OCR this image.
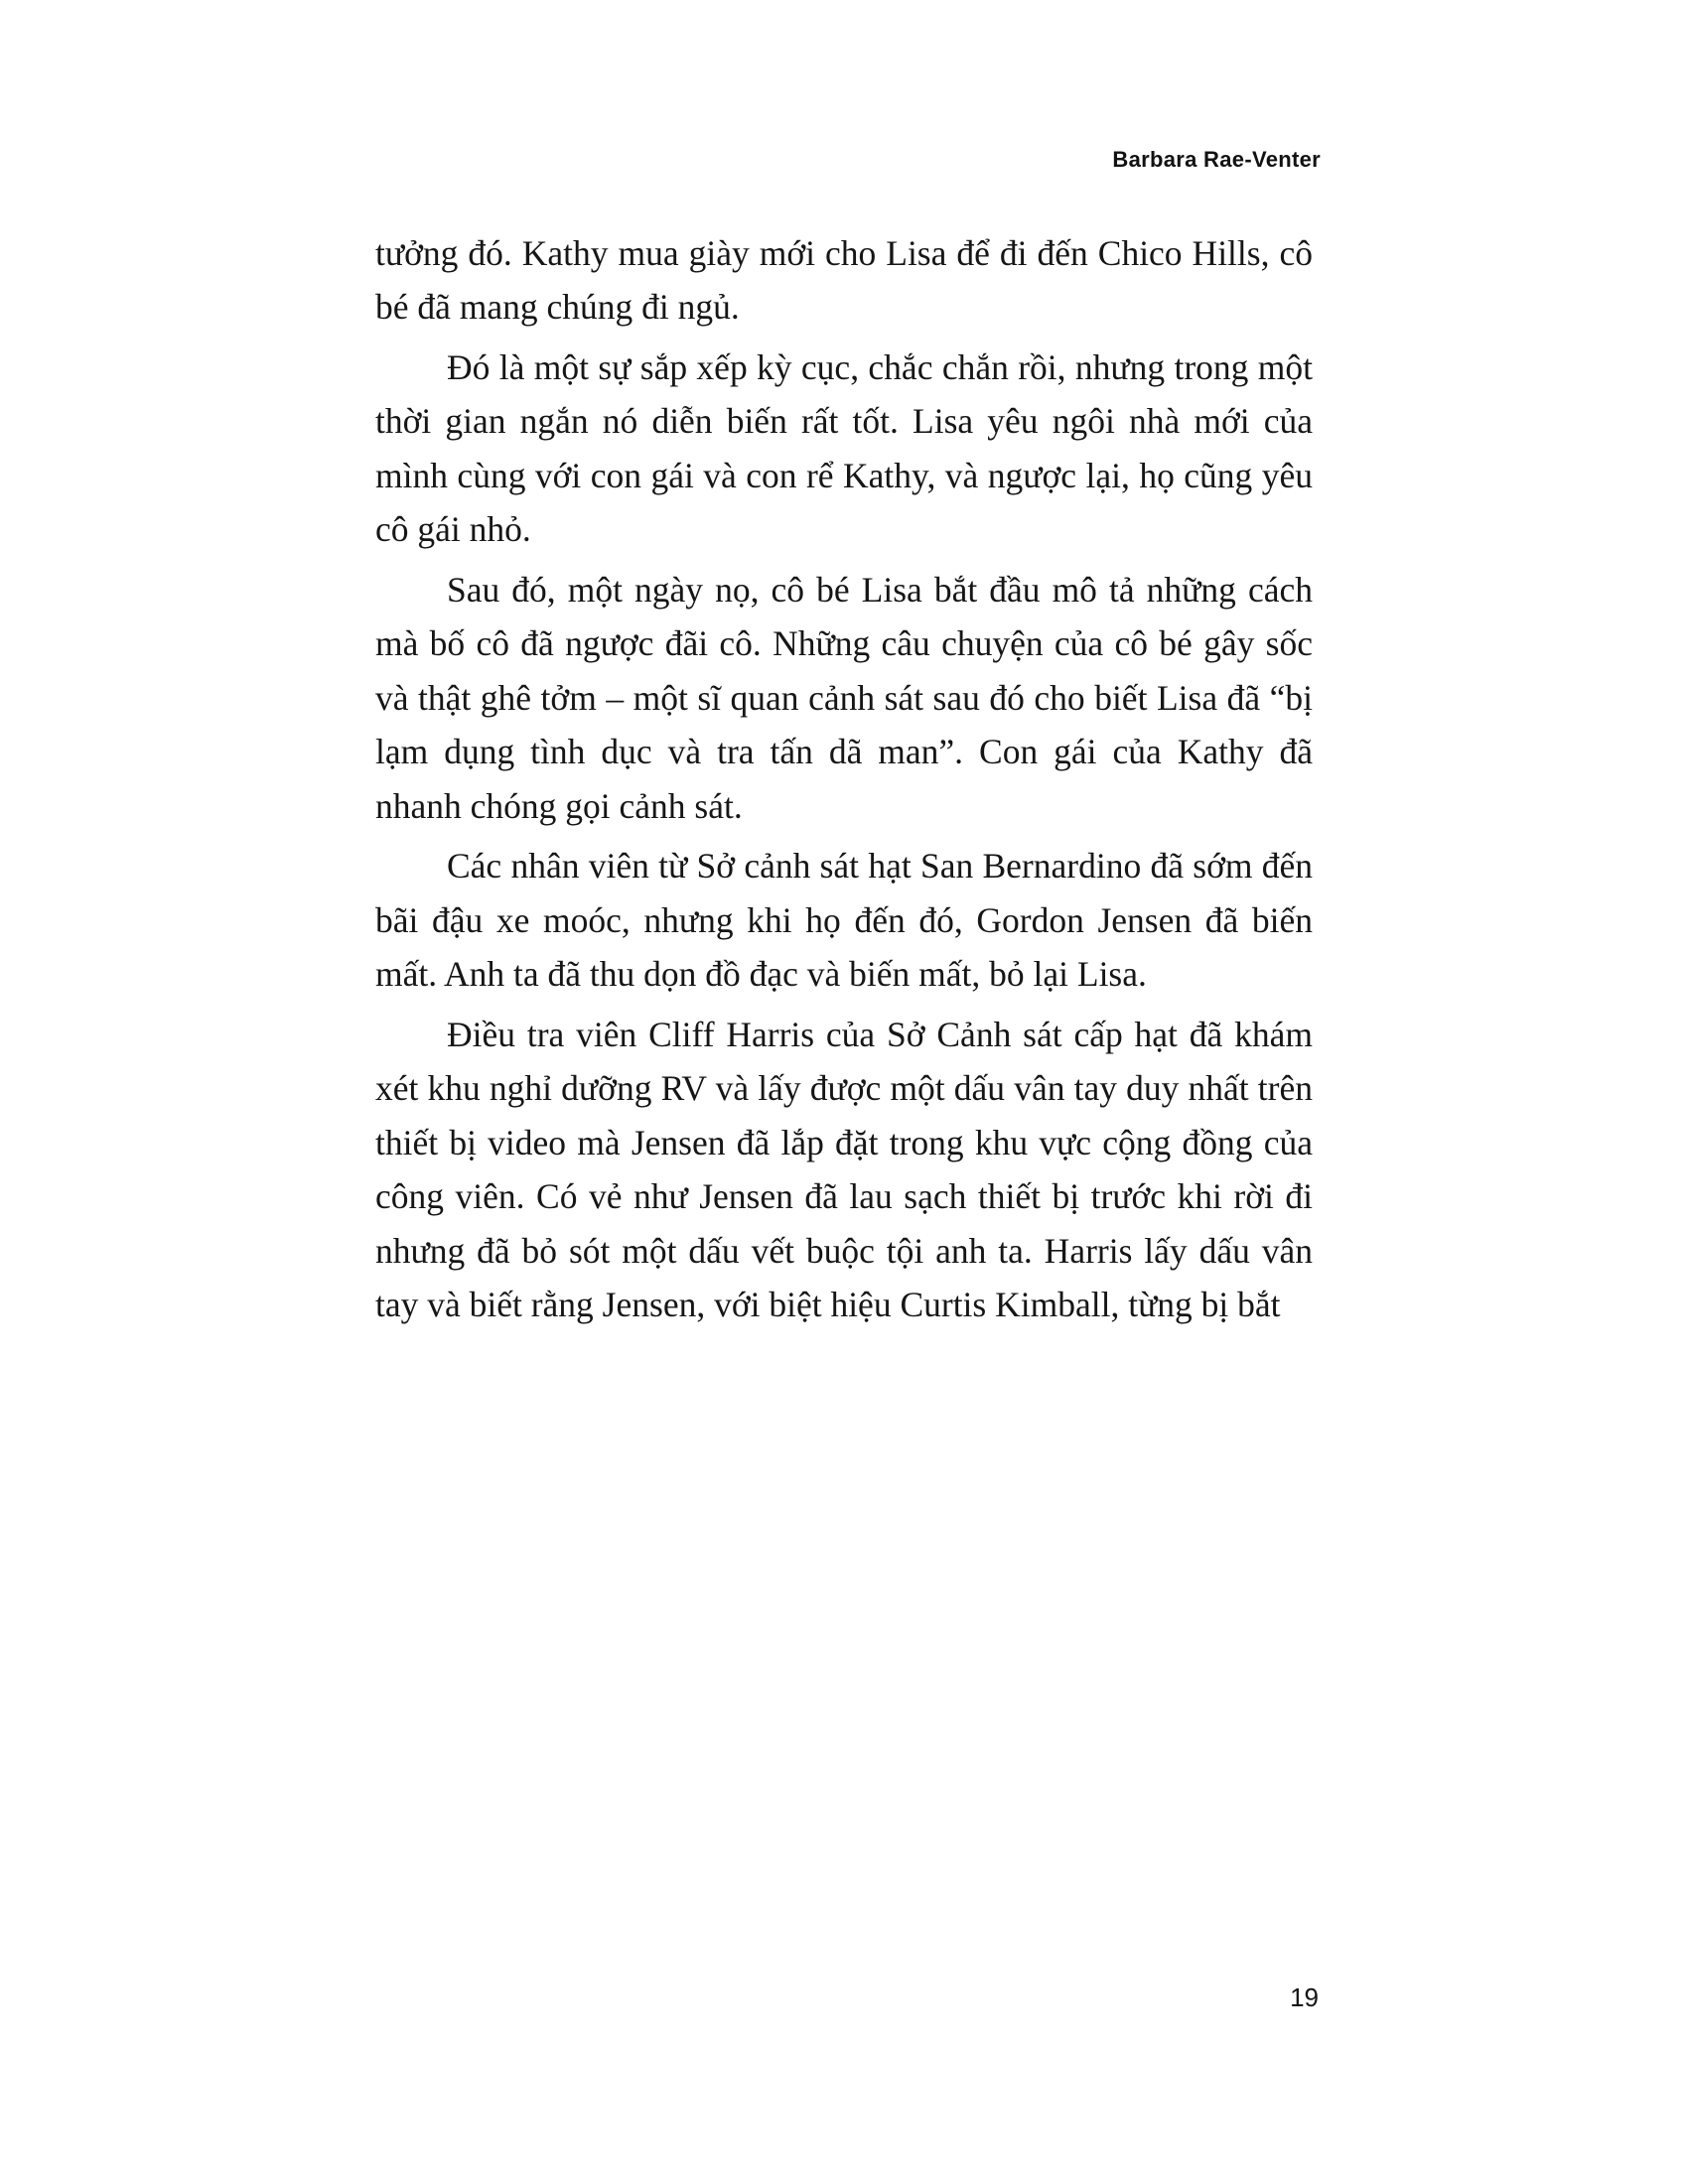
Barbara Rae-Venter

tưởng đó. Kathy mua giày mới cho Lisa để đi đến Chico Hills, cô bé đã mang chúng đi ngủ.

Đó là một sự sắp xếp kỳ cục, chắc chắn rồi, nhưng trong một thời gian ngắn nó diễn biến rất tốt. Lisa yêu ngôi nhà mới của mình cùng với con gái và con rể Kathy, và ngược lại, họ cũng yêu cô gái nhỏ.

Sau đó, một ngày nọ, cô bé Lisa bắt đầu mô tả những cách mà bố cô đã ngược đãi cô. Những câu chuyện của cô bé gây sốc và thật ghê tởm – một sĩ quan cảnh sát sau đó cho biết Lisa đã “bị lạm dụng tình dục và tra tấn dã man”. Con gái của Kathy đã nhanh chóng gọi cảnh sát.

Các nhân viên từ Sở cảnh sát hạt San Bernardino đã sớm đến bãi đậu xe moóc, nhưng khi họ đến đó, Gordon Jensen đã biến mất. Anh ta đã thu dọn đồ đạc và biến mất, bỏ lại Lisa.

Điều tra viên Cliff Harris của Sở Cảnh sát cấp hạt đã khám xét khu nghỉ dưỡng RV và lấy được một dấu vân tay duy nhất trên thiết bị video mà Jensen đã lắp đặt trong khu vực cộng đồng của công viên. Có vẻ như Jensen đã lau sạch thiết bị trước khi rời đi nhưng đã bỏ sót một dấu vết buộc tội anh ta. Harris lấy dấu vân tay và biết rằng Jensen, với biệt hiệu Curtis Kimball, từng bị bắt

19
